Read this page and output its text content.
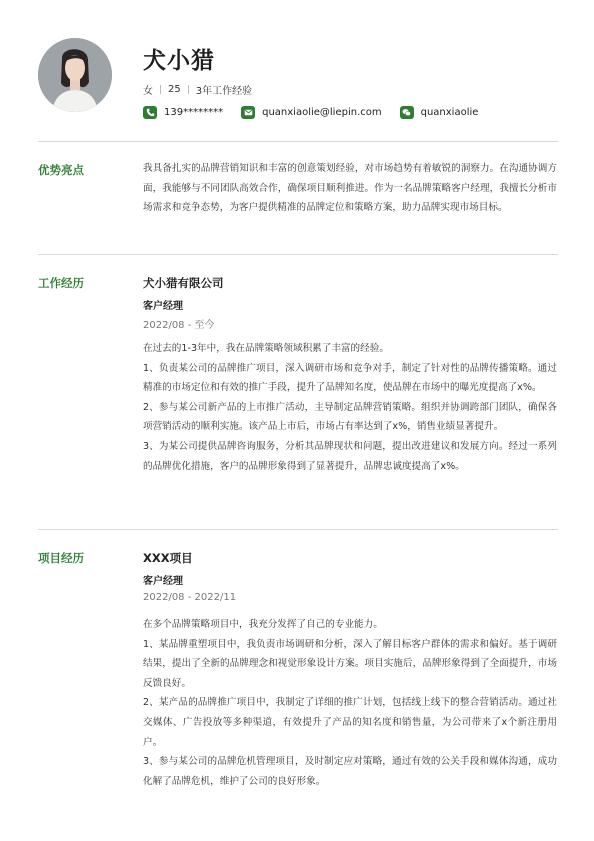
犬小猎
女 25 3年工作经验
139********	quanxiaolie@liepin.com	quanxiaolie
优势亮点	我具备扎实的品牌营销知识和丰富的创意策划经验，对市场趋势有着敏锐的洞察力。在沟通协调方面，我能够与不同团队高效合作，确保项目顺利推进。作为一名品牌策略客户经理，我擅长分析市场需求和竞争态势，为客户提供精准的品牌定位和策略方案，助力品牌实现市场目标。

工作经历	犬小猎有限公司
客户经理
2022/08 - 至今

在过去的1-3年中，我在品牌策略领域积累了丰富的经验。

1、负责某公司的品牌推广项目，深入调研市场和竞争对手，制定了针对性的品牌传播策略。通过精准的市场定位和有效的推广手段，提升了品牌知名度，使品牌在市场中的曝光度提高了x%。

2、参与某公司新产品的上市推广活动，主导制定品牌营销策略。组织并协调跨部门团队，确保各项营销活动的顺利实施。该产品上市后，市场占有率达到了x%，销售业绩显著提升。

3、为某公司提供品牌咨询服务，分析其品牌现状和问题，提出改进建议和发展方向。经过一系列的品牌优化措施，客户的品牌形象得到了显著提升，品牌忠诚度提高了x%。

项目经历	XXX项目
客户经理
2022/08 - 2022/11

在多个品牌策略项目中，我充分发挥了自己的专业能力。

1、某品牌重塑项目中，我负责市场调研和分析，深入了解目标客户群体的需求和偏好。基于调研结果，提出了全新的品牌理念和视觉形象设计方案。项目实施后，品牌形象得到了全面提升，市场反馈良好。

2、某产品的品牌推广项目中，我制定了详细的推广计划，包括线上线下的整合营销活动。通过社交媒体、广告投放等多种渠道，有效提升了产品的知名度和销售量，为公司带来了x个新注册用户。

3、参与某公司的品牌危机管理项目，及时制定应对策略，通过有效的公关手段和媒体沟通，成功化解了品牌危机，维护了公司的良好形象。
